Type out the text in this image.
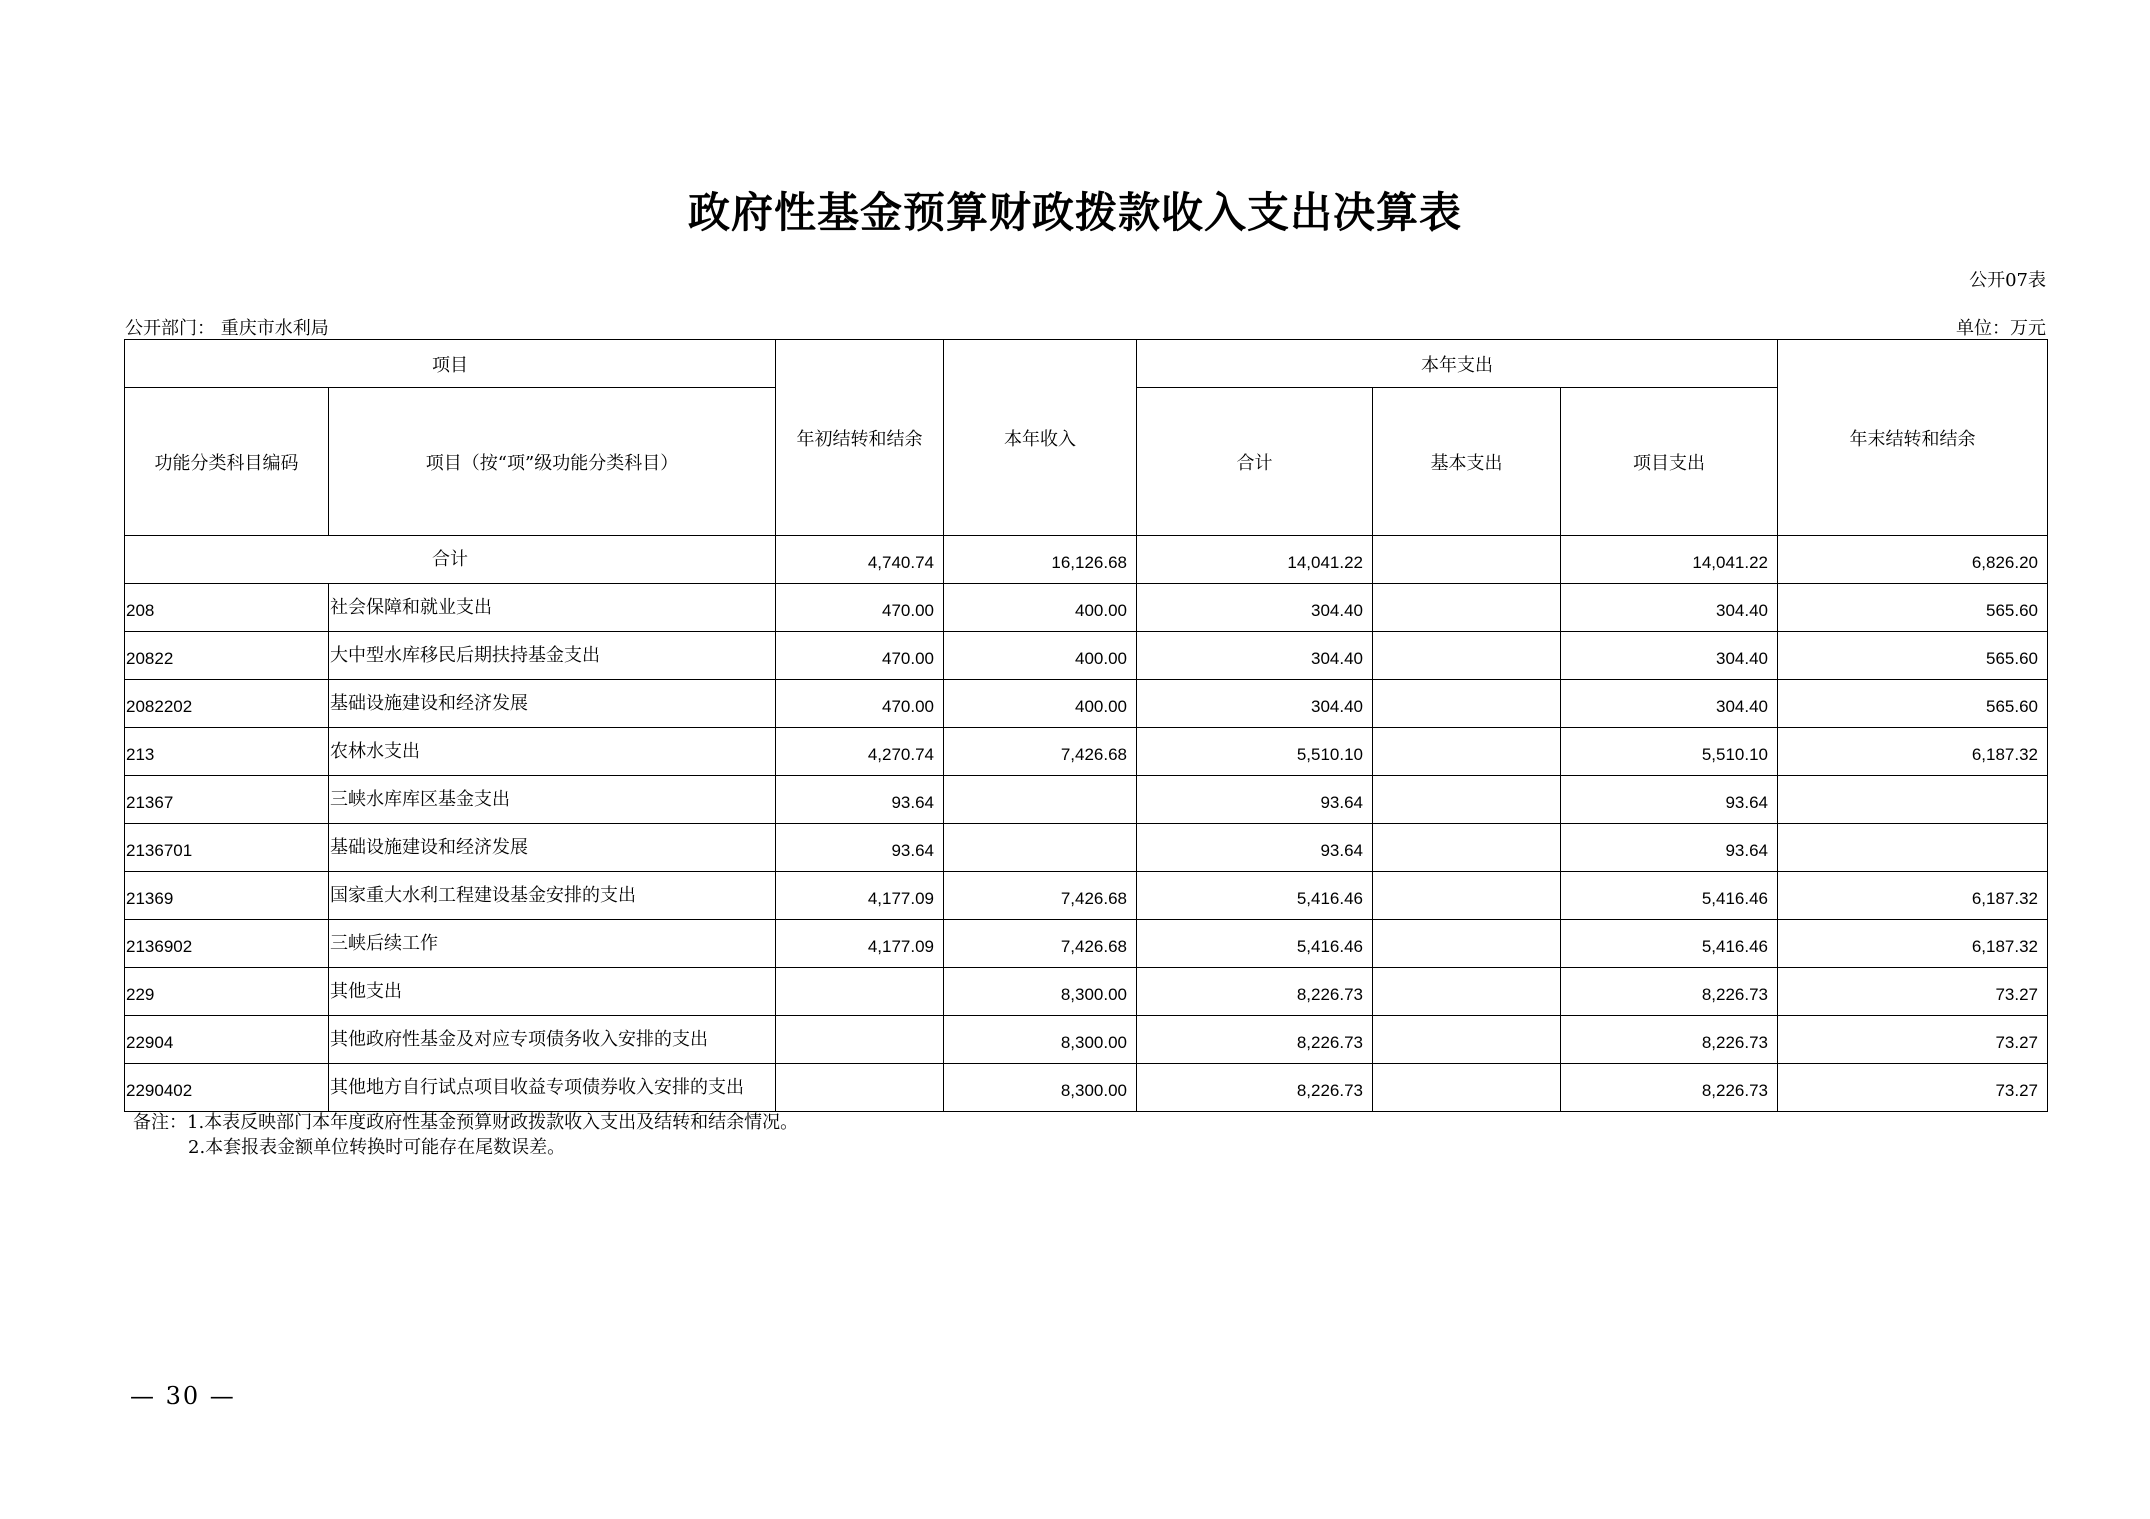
政府性基金预算财政拨款收入支出决算表
公开07表
公开部门： 重庆市水利局	单位：万元
项目		年初结转和结余	本年收入	本年支出			年末结转和结余
功能分类科目编码	项目（按“项”级功能分类科目）			合计	基本支出	项目支出	
合计		4,740.74	16,126.68	14,041.22		14,041.22	6,826.20
208	社会保障和就业支出	470.00	400.00	304.40		304.40	565.60
20822	大中型水库移民后期扶持基金支出	470.00	400.00	304.40		304.40	565.60
2082202	基础设施建设和经济发展	470.00	400.00	304.40		304.40	565.60
213	农林水支出	4,270.74	7,426.68	5,510.10		5,510.10	6,187.32
21367	三峡水库库区基金支出	93.64		93.64		93.64	
2136701	基础设施建设和经济发展	93.64		93.64		93.64	
21369	国家重大水利工程建设基金安排的支出	4,177.09	7,426.68	5,416.46		5,416.46	6,187.32
2136902	三峡后续工作	4,177.09	7,426.68	5,416.46		5,416.46	6,187.32
229	其他支出		8,300.00	8,226.73		8,226.73	73.27
22904	其他政府性基金及对应专项债务收入安排的支出		8,300.00	8,226.73		8,226.73	73.27
2290402	其他地方自行试点项目收益专项债券收入安排的支出		8,300.00	8,226.73		8,226.73	73.27
备注：1.本表反映部门本年度政府性基金预算财政拨款收入支出及结转和结余情况。
2.本套报表金额单位转换时可能存在尾数误差。
— 30 —
